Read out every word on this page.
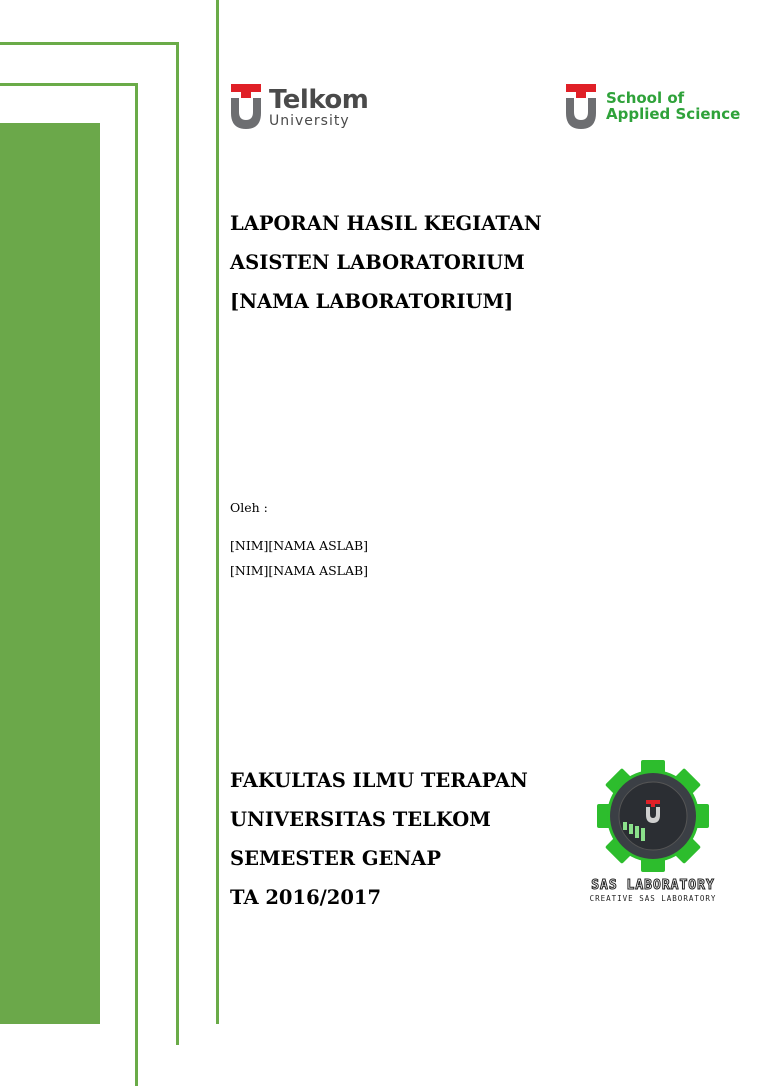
Telkom
University
School of
Applied Science
LAPORAN HASIL KEGIATAN
ASISTEN LABORATORIUM
[NAMA LABORATORIUM]
Oleh :
[NIM][NAMA ASLAB]
[NIM][NAMA ASLAB]
FAKULTAS ILMU TERAPAN
UNIVERSITAS TELKOM
SEMESTER GENAP
TA 2016/2017
SAS LABORATORY
CREATIVE SAS LABORATORY
